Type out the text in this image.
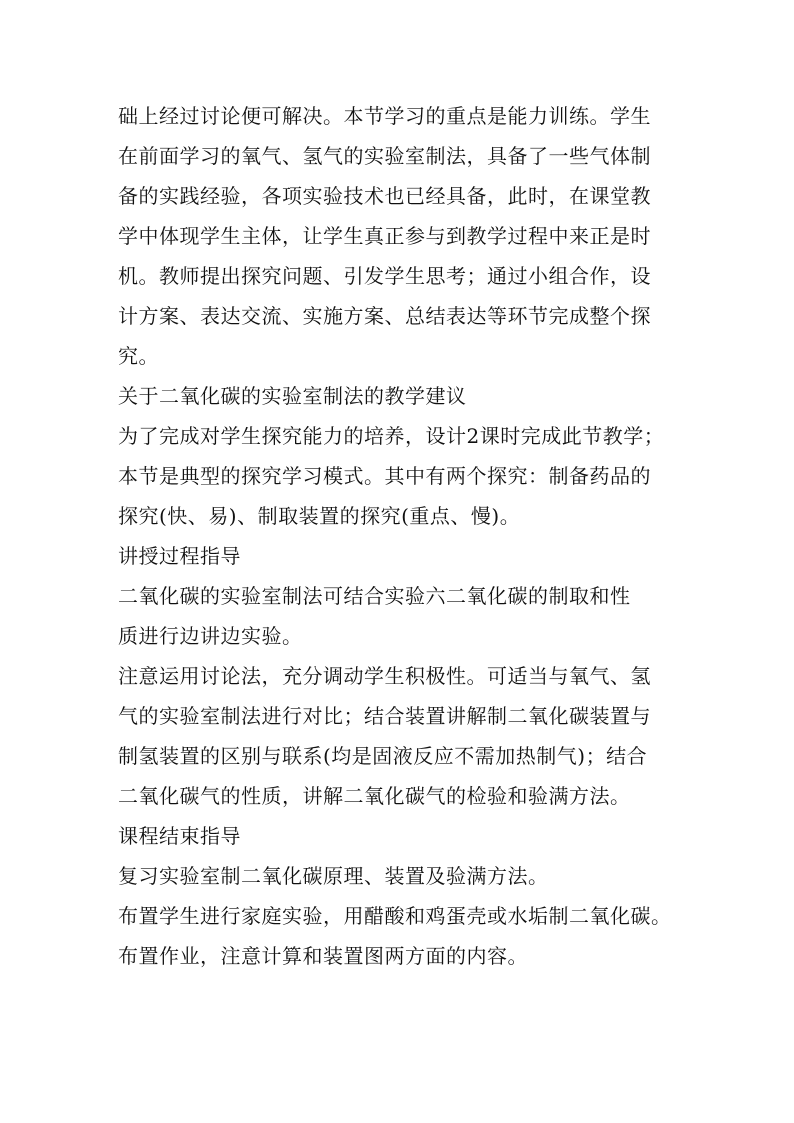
础上经过讨论便可解决。本节学习的重点是能力训练。学生

在前面学习的氧气、氢气的实验室制法，具备了一些气体制

备的实践经验，各项实验技术也已经具备，此时，在课堂教

学中体现学生主体，让学生真正参与到教学过程中来正是时

机。教师提出探究问题、引发学生思考；通过小组合作，设

计方案、表达交流、实施方案、总结表达等环节完成整个探

究。

关于二氧化碳的实验室制法的教学建议

为了完成对学生探究能力的培养，设计2课时完成此节教学；

本节是典型的探究学习模式。其中有两个探究：制备药品的

探究(快、易)、制取装置的探究(重点、慢)。

讲授过程指导

二氧化碳的实验室制法可结合实验六二氧化碳的制取和性

质进行边讲边实验。

注意运用讨论法，充分调动学生积极性。可适当与氧气、氢

气的实验室制法进行对比；结合装置讲解制二氧化碳装置与

制氢装置的区别与联系(均是固液反应不需加热制气)；结合

二氧化碳气的性质，讲解二氧化碳气的检验和验满方法。

课程结束指导

复习实验室制二氧化碳原理、装置及验满方法。

布置学生进行家庭实验，用醋酸和鸡蛋壳或水垢制二氧化碳。

布置作业，注意计算和装置图两方面的内容。
